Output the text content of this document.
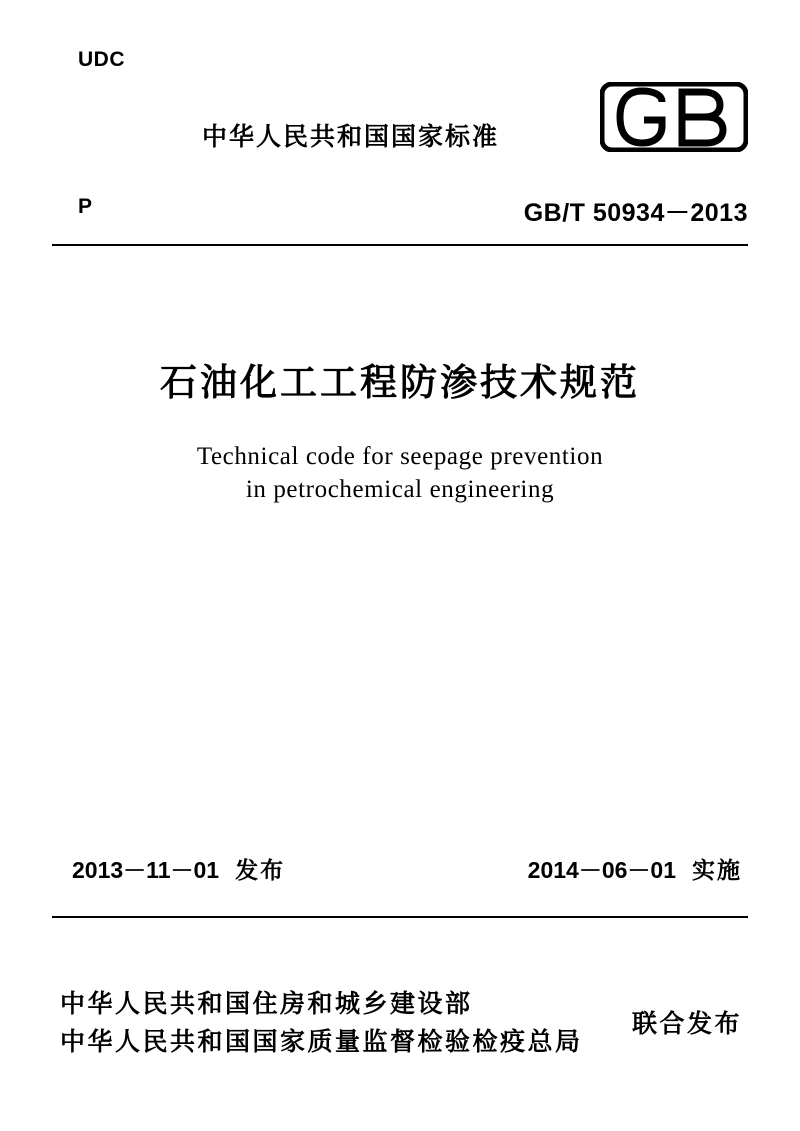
UDC
中华人民共和国国家标准
P	GB/T 50934－2013
石油化工工程防渗技术规范
Technical code for seepage prevention
in petrochemical engineering
2013－11－01 发布	2014－06－01 实施
中华人民共和国住房和城乡建设部
中华人民共和国国家质量监督检验检疫总局
联合发布
